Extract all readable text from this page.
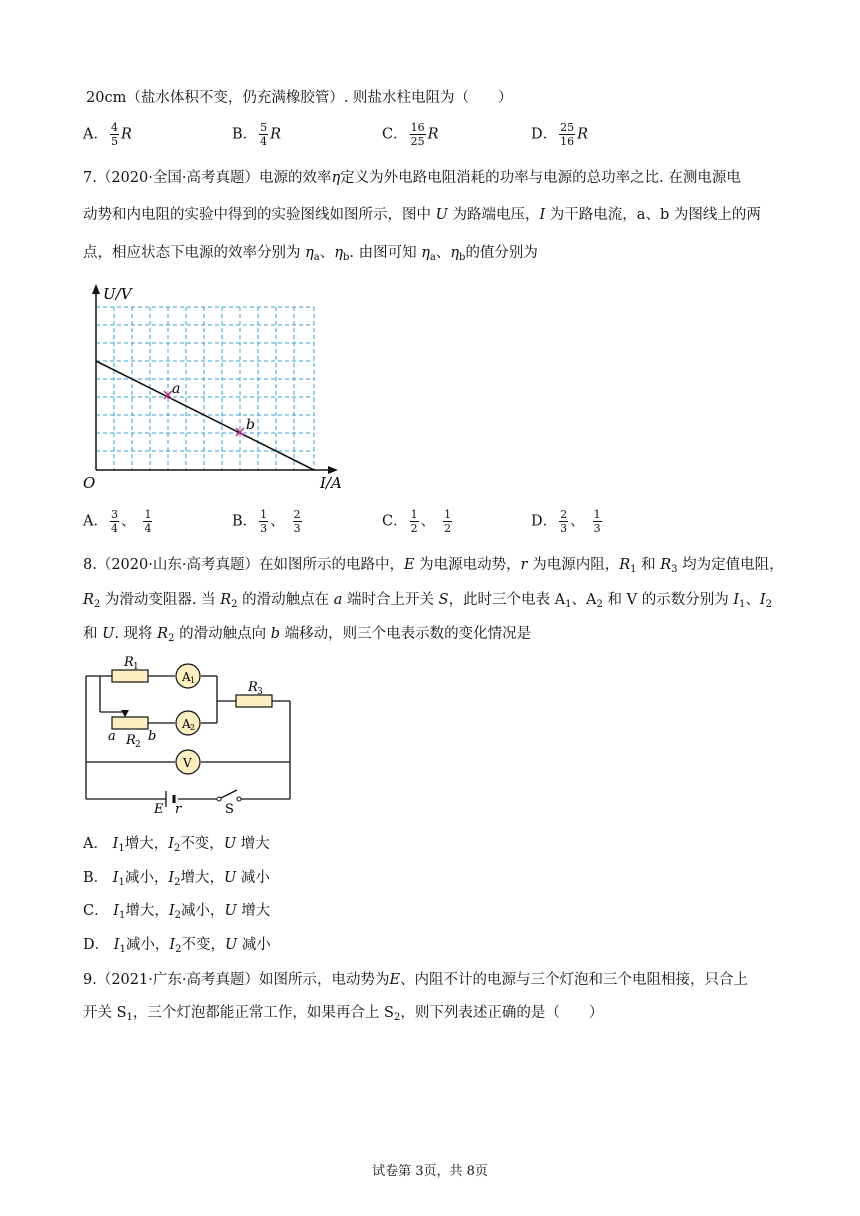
20cm（盐水体积不变，仍充满橡胶管）. 则盐水柱电阻为（　　）
A． $\frac{4}{5}$ R	B． $\frac{5}{4}$ R	C． $\frac{16}{25}$ R	D． $\frac{25}{16}$ R
7.（2020·全国·高考真题）电源的效率η定义为外电路电阻消耗的功率与电源的总功率之比. 在测电源电
动势和内电阻的实验中得到的实验图线如图所示，图中 U 为路端电压，I 为干路电流，a、b 为图线上的两
点，相应状态下电源的效率分别为 $\eta_a$、$\eta_b$. 由图可知 $\eta_a$、$\eta_b$的值分别为
a
b
U/V
I/A
O
A． $\frac{3}{4}$ 、 $\frac{1}{4}$	B． $\frac{1}{3}$ 、 $\frac{2}{3}$	C． $\frac{1}{2}$ 、 $\frac{1}{2}$	D． $\frac{2}{3}$ 、 $\frac{1}{3}$
8.（2020·山东·高考真题）在如图所示的电路中，E 为电源电动势，r 为电源内阻，$R_1$ 和 $R_3$ 均为定值电阻，
$R_2$ 为滑动变阻器. 当 $R_2$ 的滑动触点在 a 端时合上开关 S，此时三个电表 $A_1$、$A_2$ 和 V 的示数分别为 $I_1$、$I_2$
和 U. 现将 $R_2$ 的滑动触点向 b 端移动，则三个电表示数的变化情况是
R 1
R 3
R 2
a b
A 1
A 2
V
E r	S
A． $I_1$增大，$I_2$不变，U 增大
B． $I_1$减小，$I_2$增大，U 减小
C． $I_1$增大，$I_2$减小，U 增大
D． $I_1$减小，$I_2$不变，U 减小
9.（2021·广东·高考真题）如图所示，电动势为E、内阻不计的电源与三个灯泡和三个电阻相接，只合上
开关 $S_1$，三个灯泡都能正常工作，如果再合上 $S_2$，则下列表述正确的是（　　）
试卷第 3页，共 8页
